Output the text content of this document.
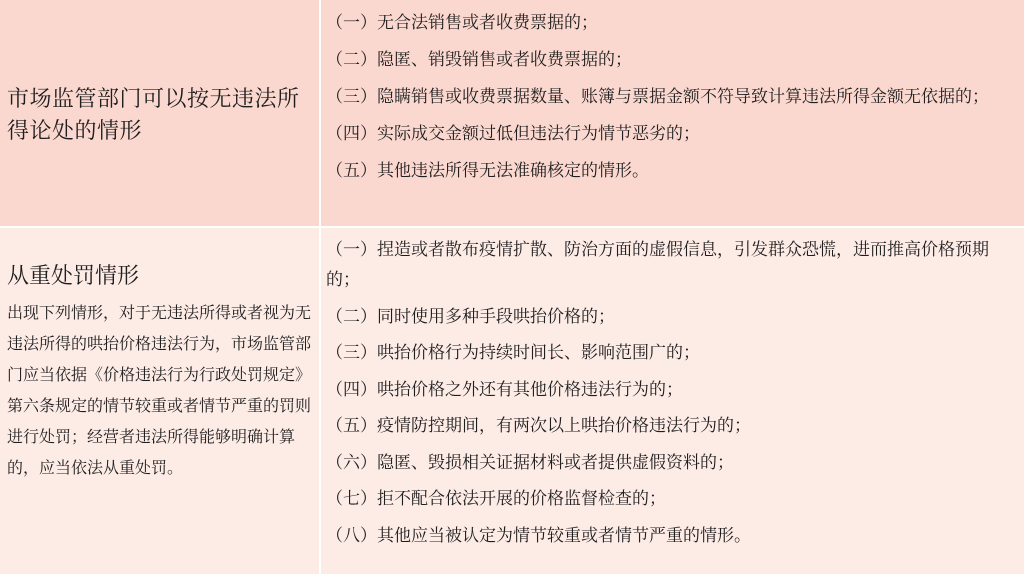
市场监管部门可以按无违法所得论处的情形
（一）无合法销售或者收费票据的；
（二）隐匿、销毁销售或者收费票据的；
（三）隐瞒销售或收费票据数量、账簿与票据金额不符导致计算违法所得金额无依据的；
（四）实际成交金额过低但违法行为情节恶劣的；
（五）其他违法所得无法准确核定的情形。
从重处罚情形
出现下列情形，对于无违法所得或者视为无违法所得的哄抬价格违法行为，市场监管部门应当依据《价格违法行为行政处罚规定》第六条规定的情节较重或者情节严重的罚则进行处罚；经营者违法所得能够明确计算的，应当依法从重处罚。
（一）捏造或者散布疫情扩散、防治方面的虚假信息，引发群众恐慌，进而推高价格预期的；
（二）同时使用多种手段哄抬价格的；
（三）哄抬价格行为持续时间长、影响范围广的；
（四）哄抬价格之外还有其他价格违法行为的；
（五）疫情防控期间，有两次以上哄抬价格违法行为的；
（六）隐匿、毁损相关证据材料或者提供虚假资料的；
（七）拒不配合依法开展的价格监督检查的；
（八）其他应当被认定为情节较重或者情节严重的情形。
